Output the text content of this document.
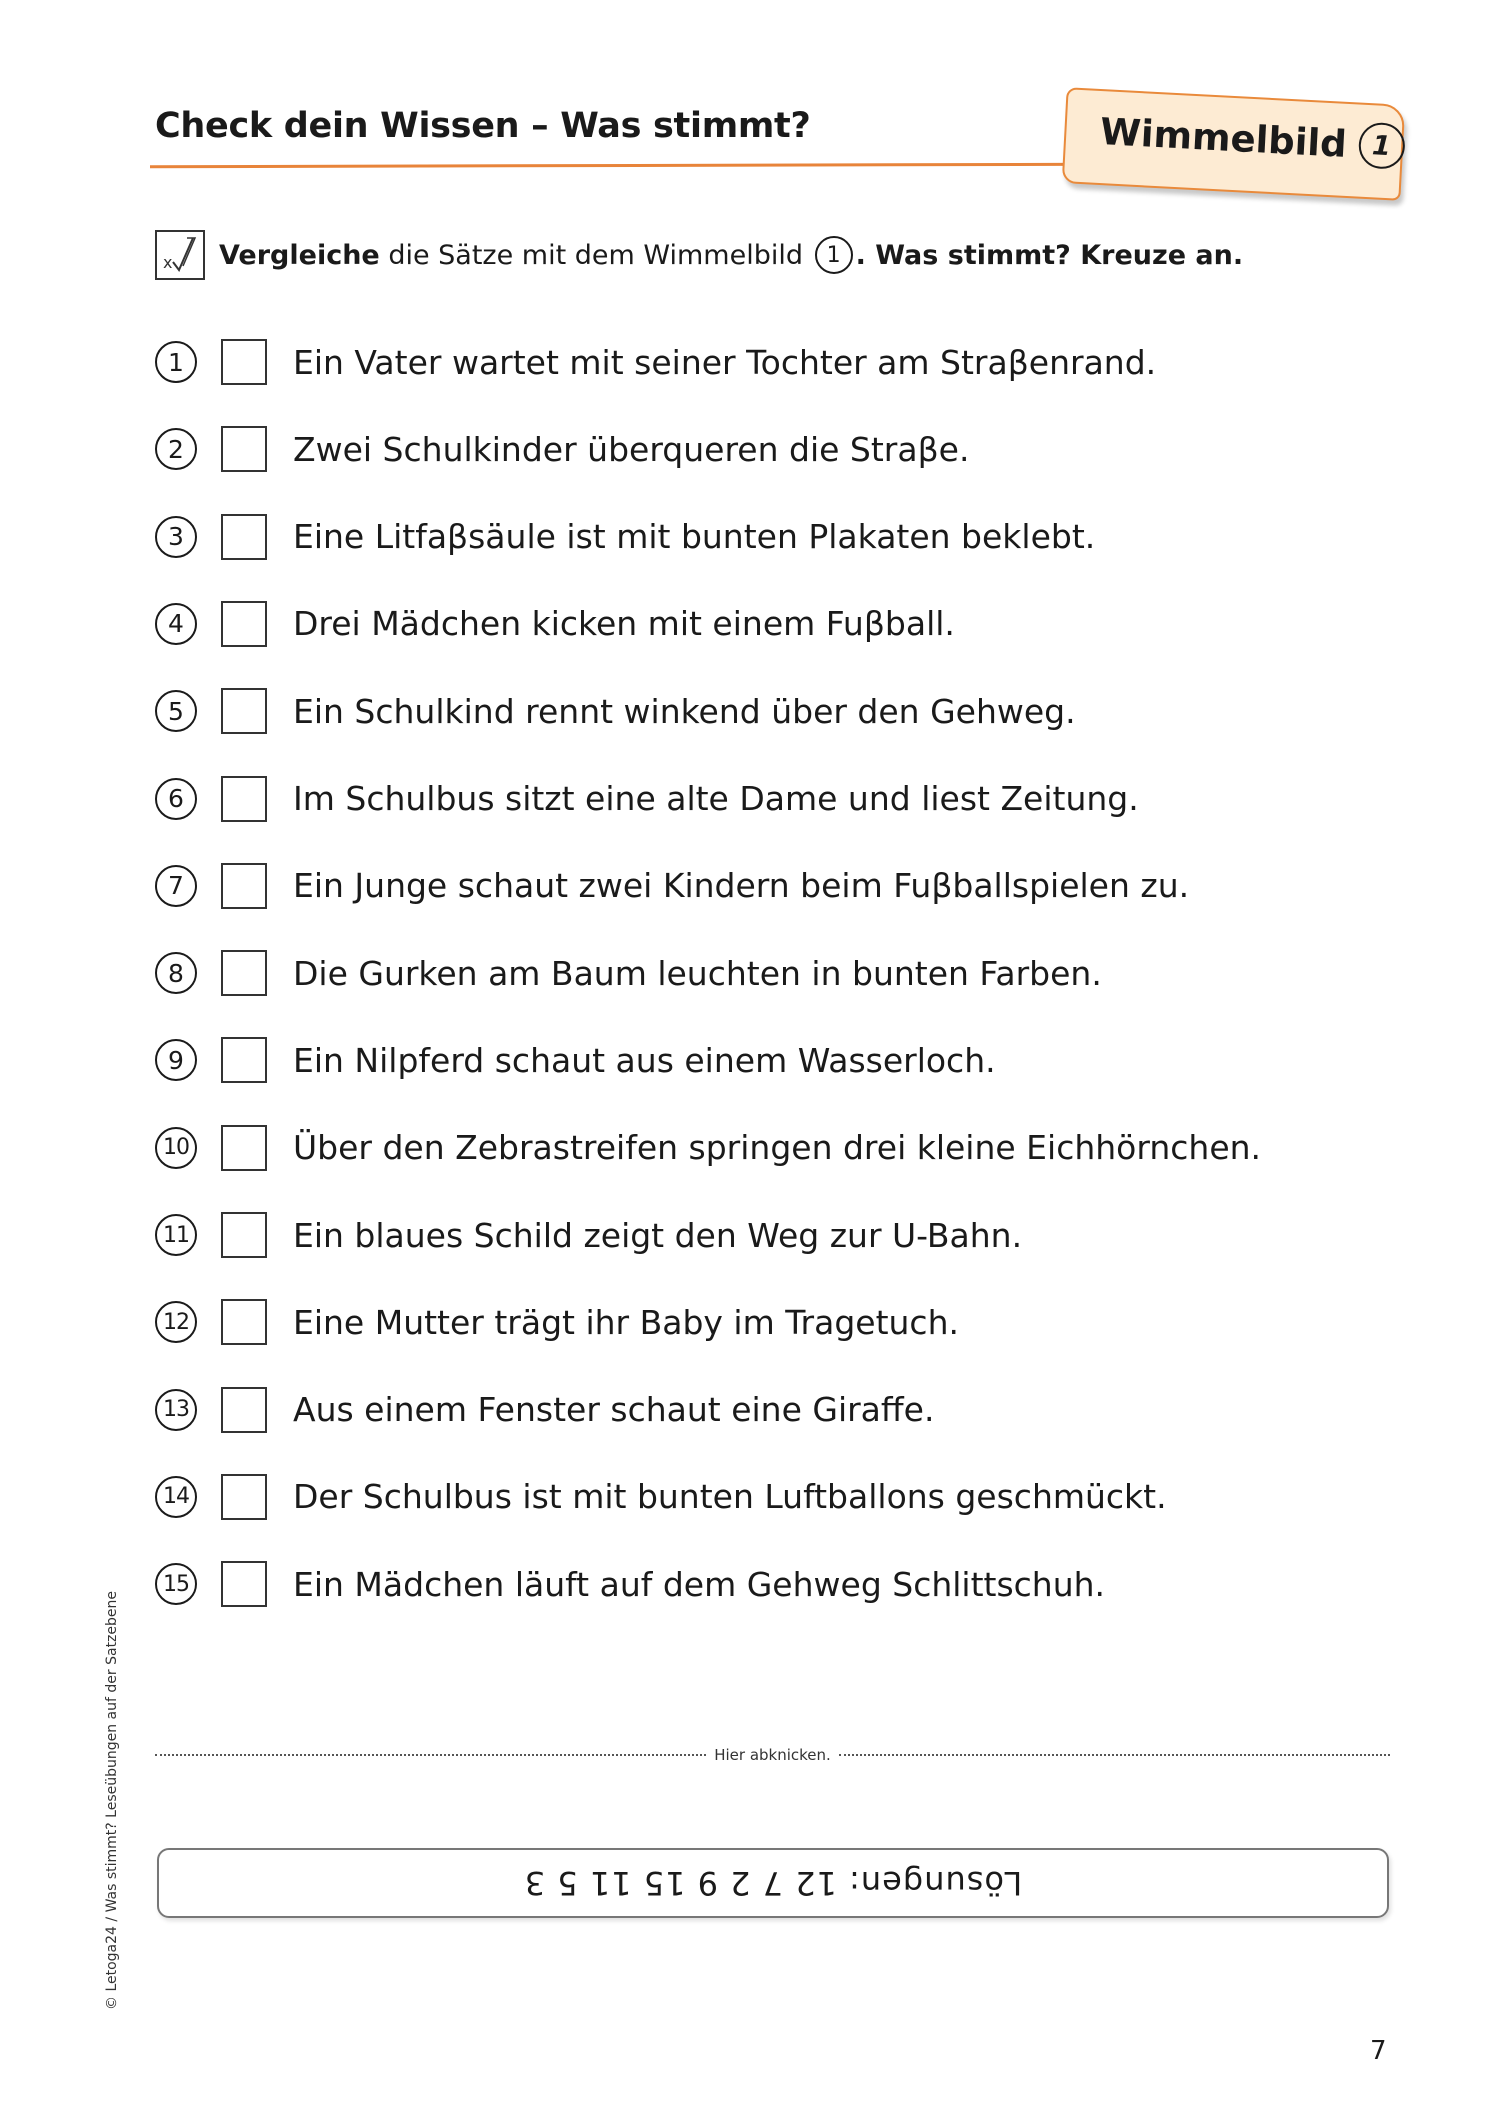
Check dein Wissen – Was stimmt?	Wimmelbild 1
x Vergleiche die Sätze mit dem Wimmelbild 1 . Was stimmt? Kreuze an.
1	Ein Vater wartet mit seiner Tochter am Straβenrand.
2	Zwei Schulkinder überqueren die Straβe.
3	Eine Litfaβsäule ist mit bunten Plakaten beklebt.
4	Drei Mädchen kicken mit einem Fuβball.
5	Ein Schulkind rennt winkend über den Gehweg.
6	Im Schulbus sitzt eine alte Dame und liest Zeitung.
7	Ein Junge schaut zwei Kindern beim Fuβballspielen zu.
8	Die Gurken am Baum leuchten in bunten Farben.
9	Ein Nilpferd schaut aus einem Wasserloch.
10	Über den Zebrastreifen springen drei kleine Eichhörnchen.
11	Ein blaues Schild zeigt den Weg zur U-Bahn.
12	Eine Mutter trägt ihr Baby im Tragetuch.
13	Aus einem Fenster schaut eine Giraffe.
14	Der Schulbus ist mit bunten Luftballons geschmückt.
15	Ein Mädchen läuft auf dem Gehweg Schlittschuh.
Hier abknicken.
Lösungen: 12 7 2 9 15 11 5 3
© Letoga24 / Was stimmt? Leseübungen auf der Satzebene
7
